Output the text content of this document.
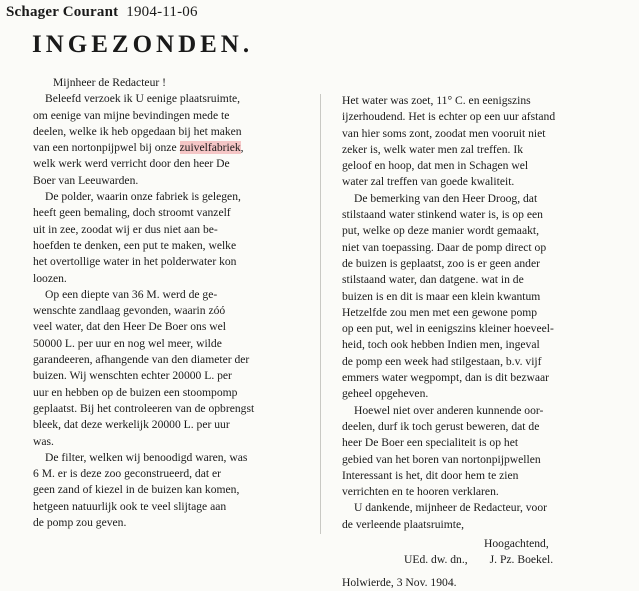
Schager Courant 1904-11-06
INGEZONDEN.
Mijnheer de Redacteur !
Beleefd verzoek ik U eenige plaatsruimte,
om eenige van mijne bevindingen mede te
deelen, welke ik heb opgedaan bij het maken
van een nortonpijpwel bij onze zuivelfabriek,
welk werk werd verricht door den heer De
Boer van Leeuwarden.
De polder, waarin onze fabriek is gelegen,
heeft geen bemaling, doch stroomt vanzelf
uit in zee, zoodat wij er dus niet aan be-
hoefden te denken, een put te maken, welke
het overtollige water in het polderwater kon
loozen.
Op een diepte van 36 M. werd de ge-
wenschte zandlaag gevonden, waarin zóó
veel water, dat den Heer De Boer ons wel
50000 L. per uur en nog wel meer, wilde
garandeeren, afhangende van den diameter der
buizen. Wij wenschten echter 20000 L. per
uur en hebben op de buizen een stoompomp
geplaatst. Bij het controleeren van de opbrengst
bleek, dat deze werkelijk 20000 L. per uur
was.
De filter, welken wij benoodigd waren, was
6 M. er is deze zoo geconstrueerd, dat er
geen zand of kiezel in de buizen kan komen,
hetgeen natuurlijk ook te veel slijtage aan
de pomp zou geven.
Het water was zoet, 11° C. en eenigszins
ijzerhoudend. Het is echter op een uur afstand
van hier soms zont, zoodat men vooruit niet
zeker is, welk water men zal treffen. Ik
geloof en hoop, dat men in Schagen wel
water zal treffen van goede kwaliteit.
De bemerking van den Heer Droog, dat
stilstaand water stinkend water is, is op een
put, welke op deze manier wordt gemaakt,
niet van toepassing. Daar de pomp direct op
de buizen is geplaatst, zoo is er geen ander
stilstaand water, dan datgene. wat in de
buizen is en dit is maar een klein kwantum
Hetzelfde zou men met een gewone pomp
op een put, wel in eenigszins kleiner hoeveel-
heid, toch ook hebben Indien men, ingeval
de pomp een week had stilgestaan, b.v. vijf
emmers water wegpompt, dan is dit bezwaar
geheel opgeheven.
Hoewel niet over anderen kunnende oor-
deelen, durf ik toch gerust beweren, dat de
heer De Boer een specialiteit is op het
gebied van het boren van nortonpijpwellen
Interessant is het, dit door hem te zien
verrichten en te hooren verklaren.
U dankende, mijnheer de Redacteur, voor
de verleende plaatsruimte,
Hoogachtend,
UEd. dw. dn., J. Pz. Boekel.
Holwierde, 3 Nov. 1904.
